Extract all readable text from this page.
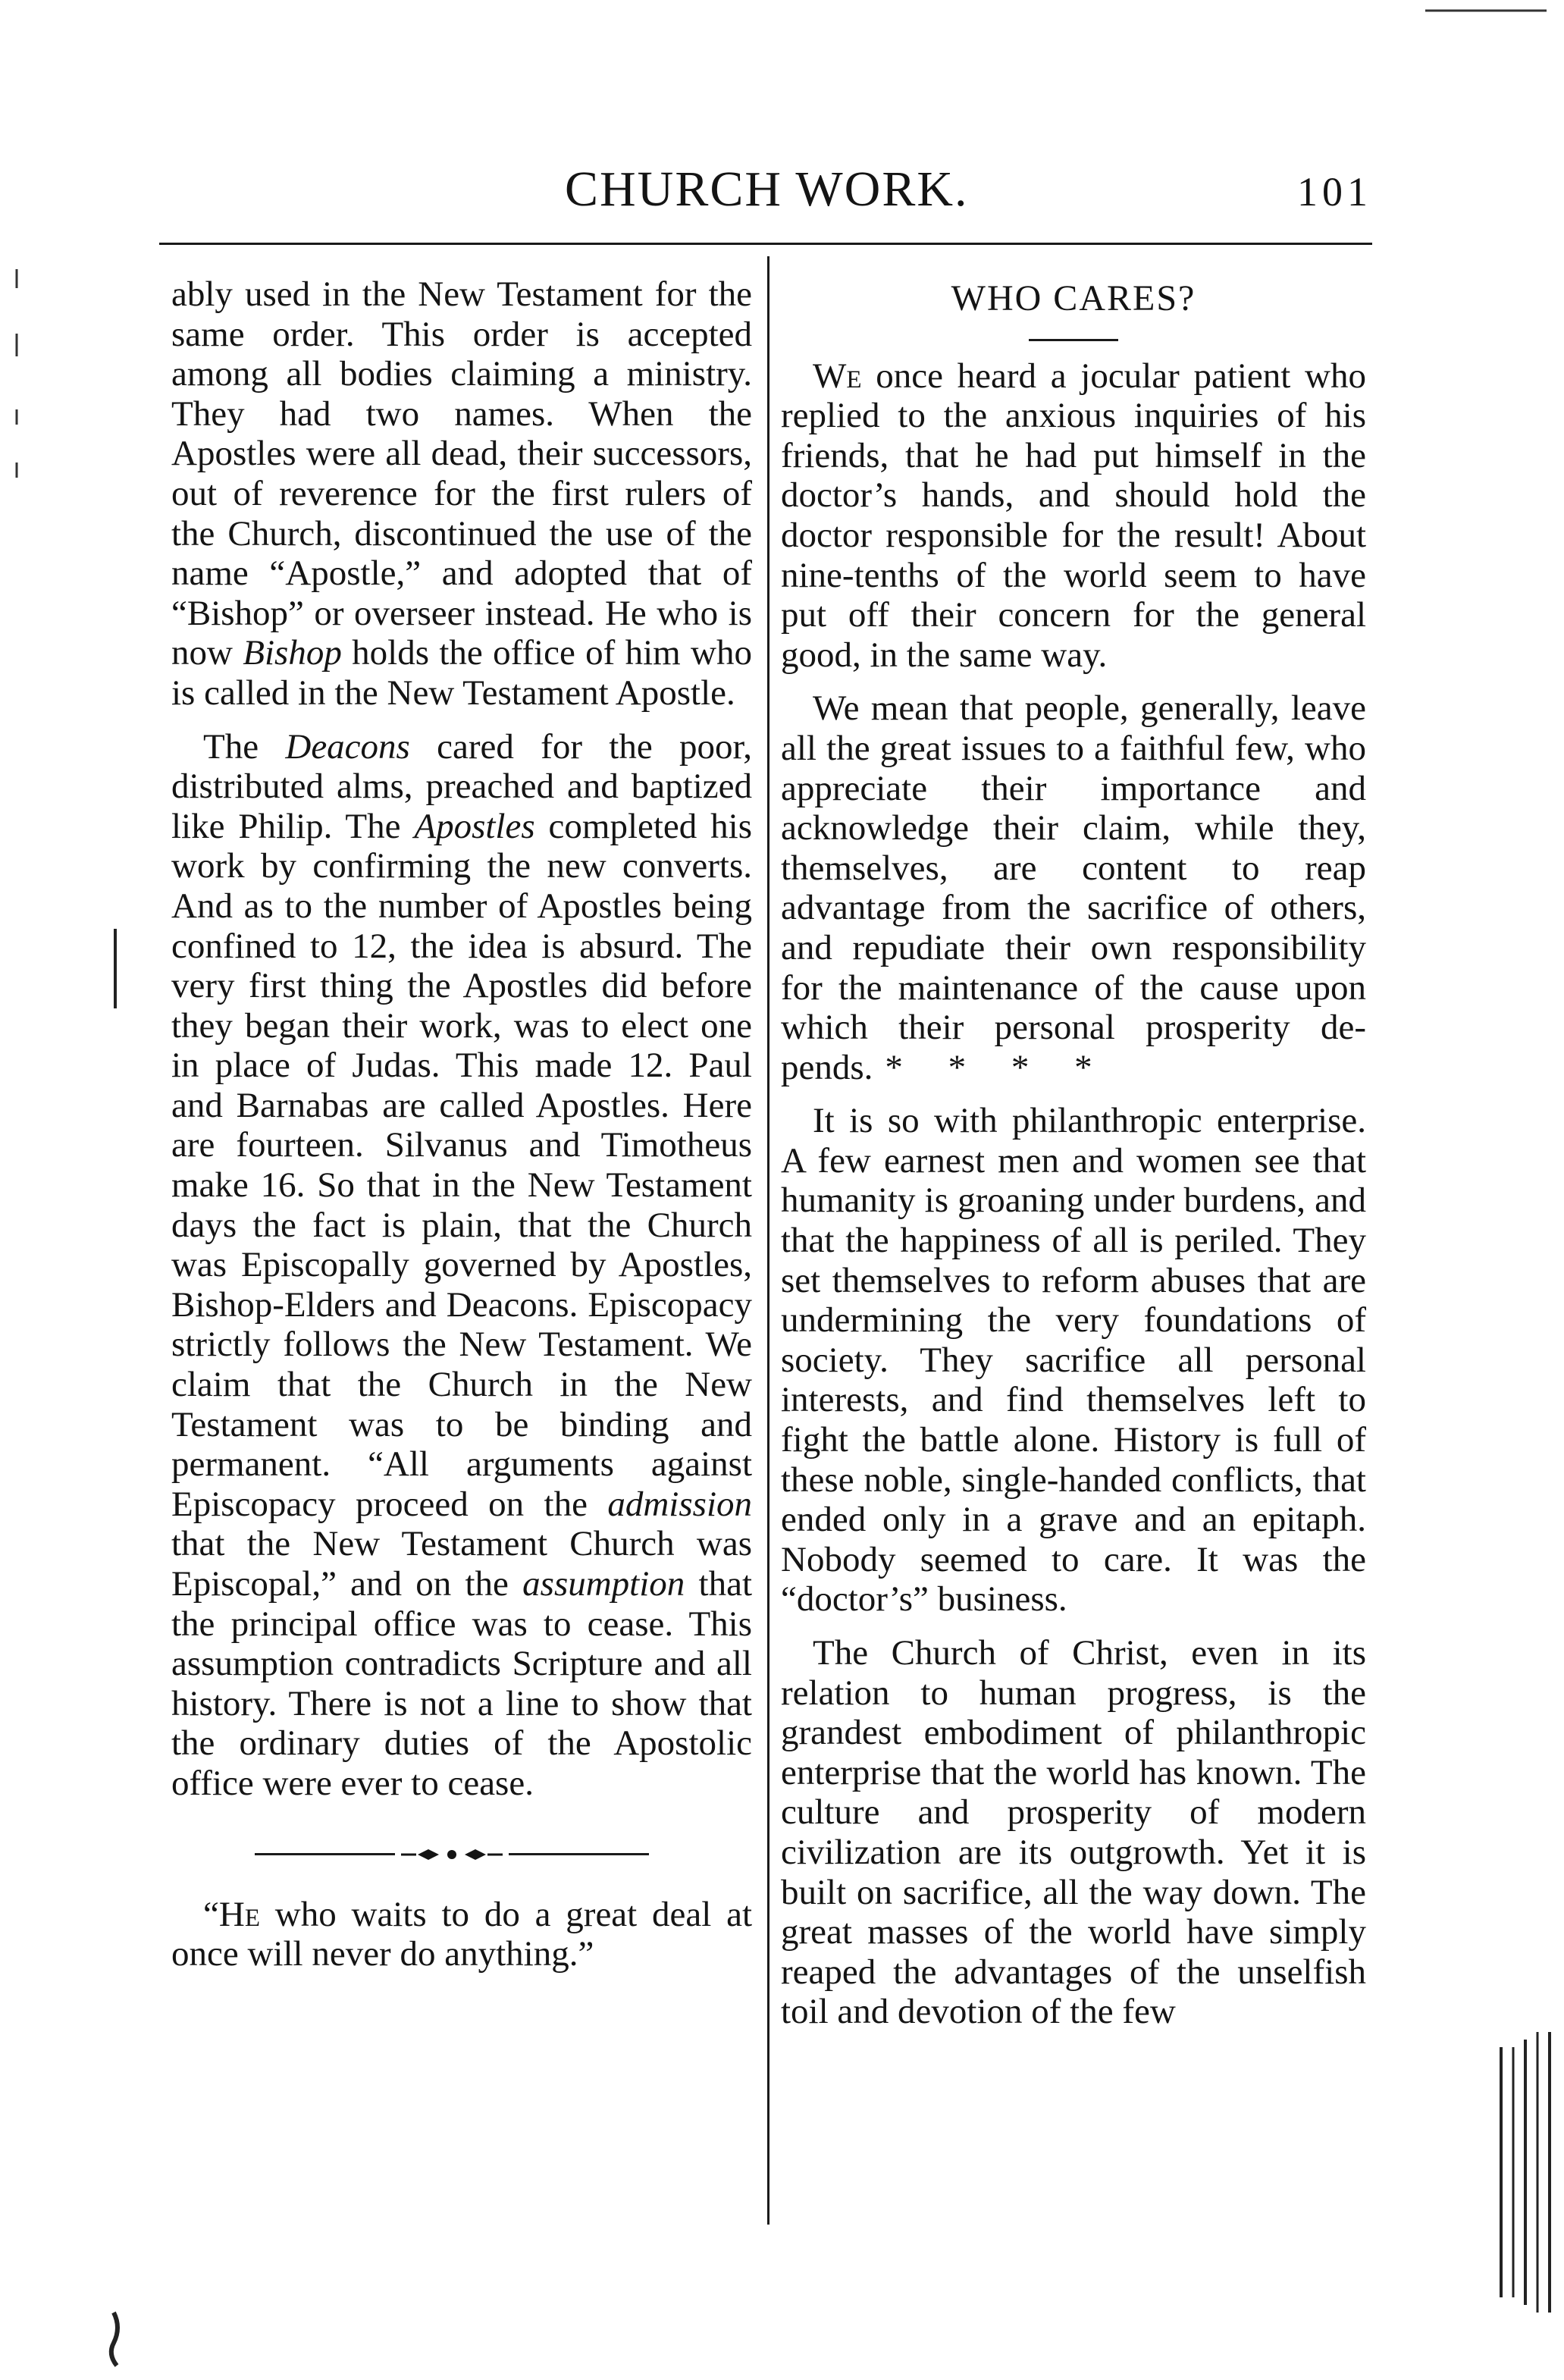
CHURCH WORK.	101

ably used in the New Testament for the same order. This order is accepted among all bodies claiming a ministry. They had two names. When the Apostles were all dead, their successors, out of reverence for the first rulers of the Church, discontinued the use of the name “Apostle,” and adopted that of “Bishop” or overseer instead. He who is now Bishop holds the office of him who is called in the New Testament Apostle.

The Deacons cared for the poor, distributed alms, preached and baptized like Philip. The Apostles completed his work by confirming the new converts. And as to the number of Apostles being confined to 12, the idea is absurd. The very first thing the Apostles did before they began their work, was to elect one in place of Judas. This made 12. Paul and Barnabas are called Apostles. Here are fourteen. Silvanus and Timotheus make 16. So that in the New Testament days the fact is plain, that the Church was Episcopally governed by Apostles, Bishop-Elders and Deacons. Episcopacy strictly follows the New Testament. We claim that the Church in the New Testament was to be binding and permanent. “All arguments against Episcopacy proceed on the admission that the New Testament Church was Episcopal,” and on the assumption that the principal office was to cease. This assumption contradicts Scripture and all history. There is not a line to show that the ordinary duties of the Apostolic office were ever to cease.

“He who waits to do a great deal at once will never do anything.”

WHO CARES?

We once heard a jocular patient who replied to the anxious inquiries of his friends, that he had put himself in the doctor’s hands, and should hold the doctor responsible for the result! About nine-tenths of the world seem to have put off their concern for the general good, in the same way.

We mean that people, generally, leave all the great issues to a faithful few, who appreciate their importance and acknowledge their claim, while they, themselves, are content to reap advantage from the sacrifice of others, and repudiate their own responsibility for the maintenance of the cause upon which their personal prosperity depends. * * * *

It is so with philanthropic enterprise. A few earnest men and women see that humanity is groaning under burdens, and that the happiness of all is periled. They set themselves to reform abuses that are undermining the very foundations of society. They sacrifice all personal interests, and find themselves left to fight the battle alone. History is full of these noble, single-handed conflicts, that ended only in a grave and an epitaph. Nobody seemed to care. It was the “doctor’s” business.

The Church of Christ, even in its relation to human progress, is the grandest embodiment of philanthropic enterprise that the world has known. The culture and prosperity of modern civilization are its outgrowth. Yet it is built on sacrifice, all the way down. The great masses of the world have simply reaped the advantages of the unselfish toil and devotion of the few
